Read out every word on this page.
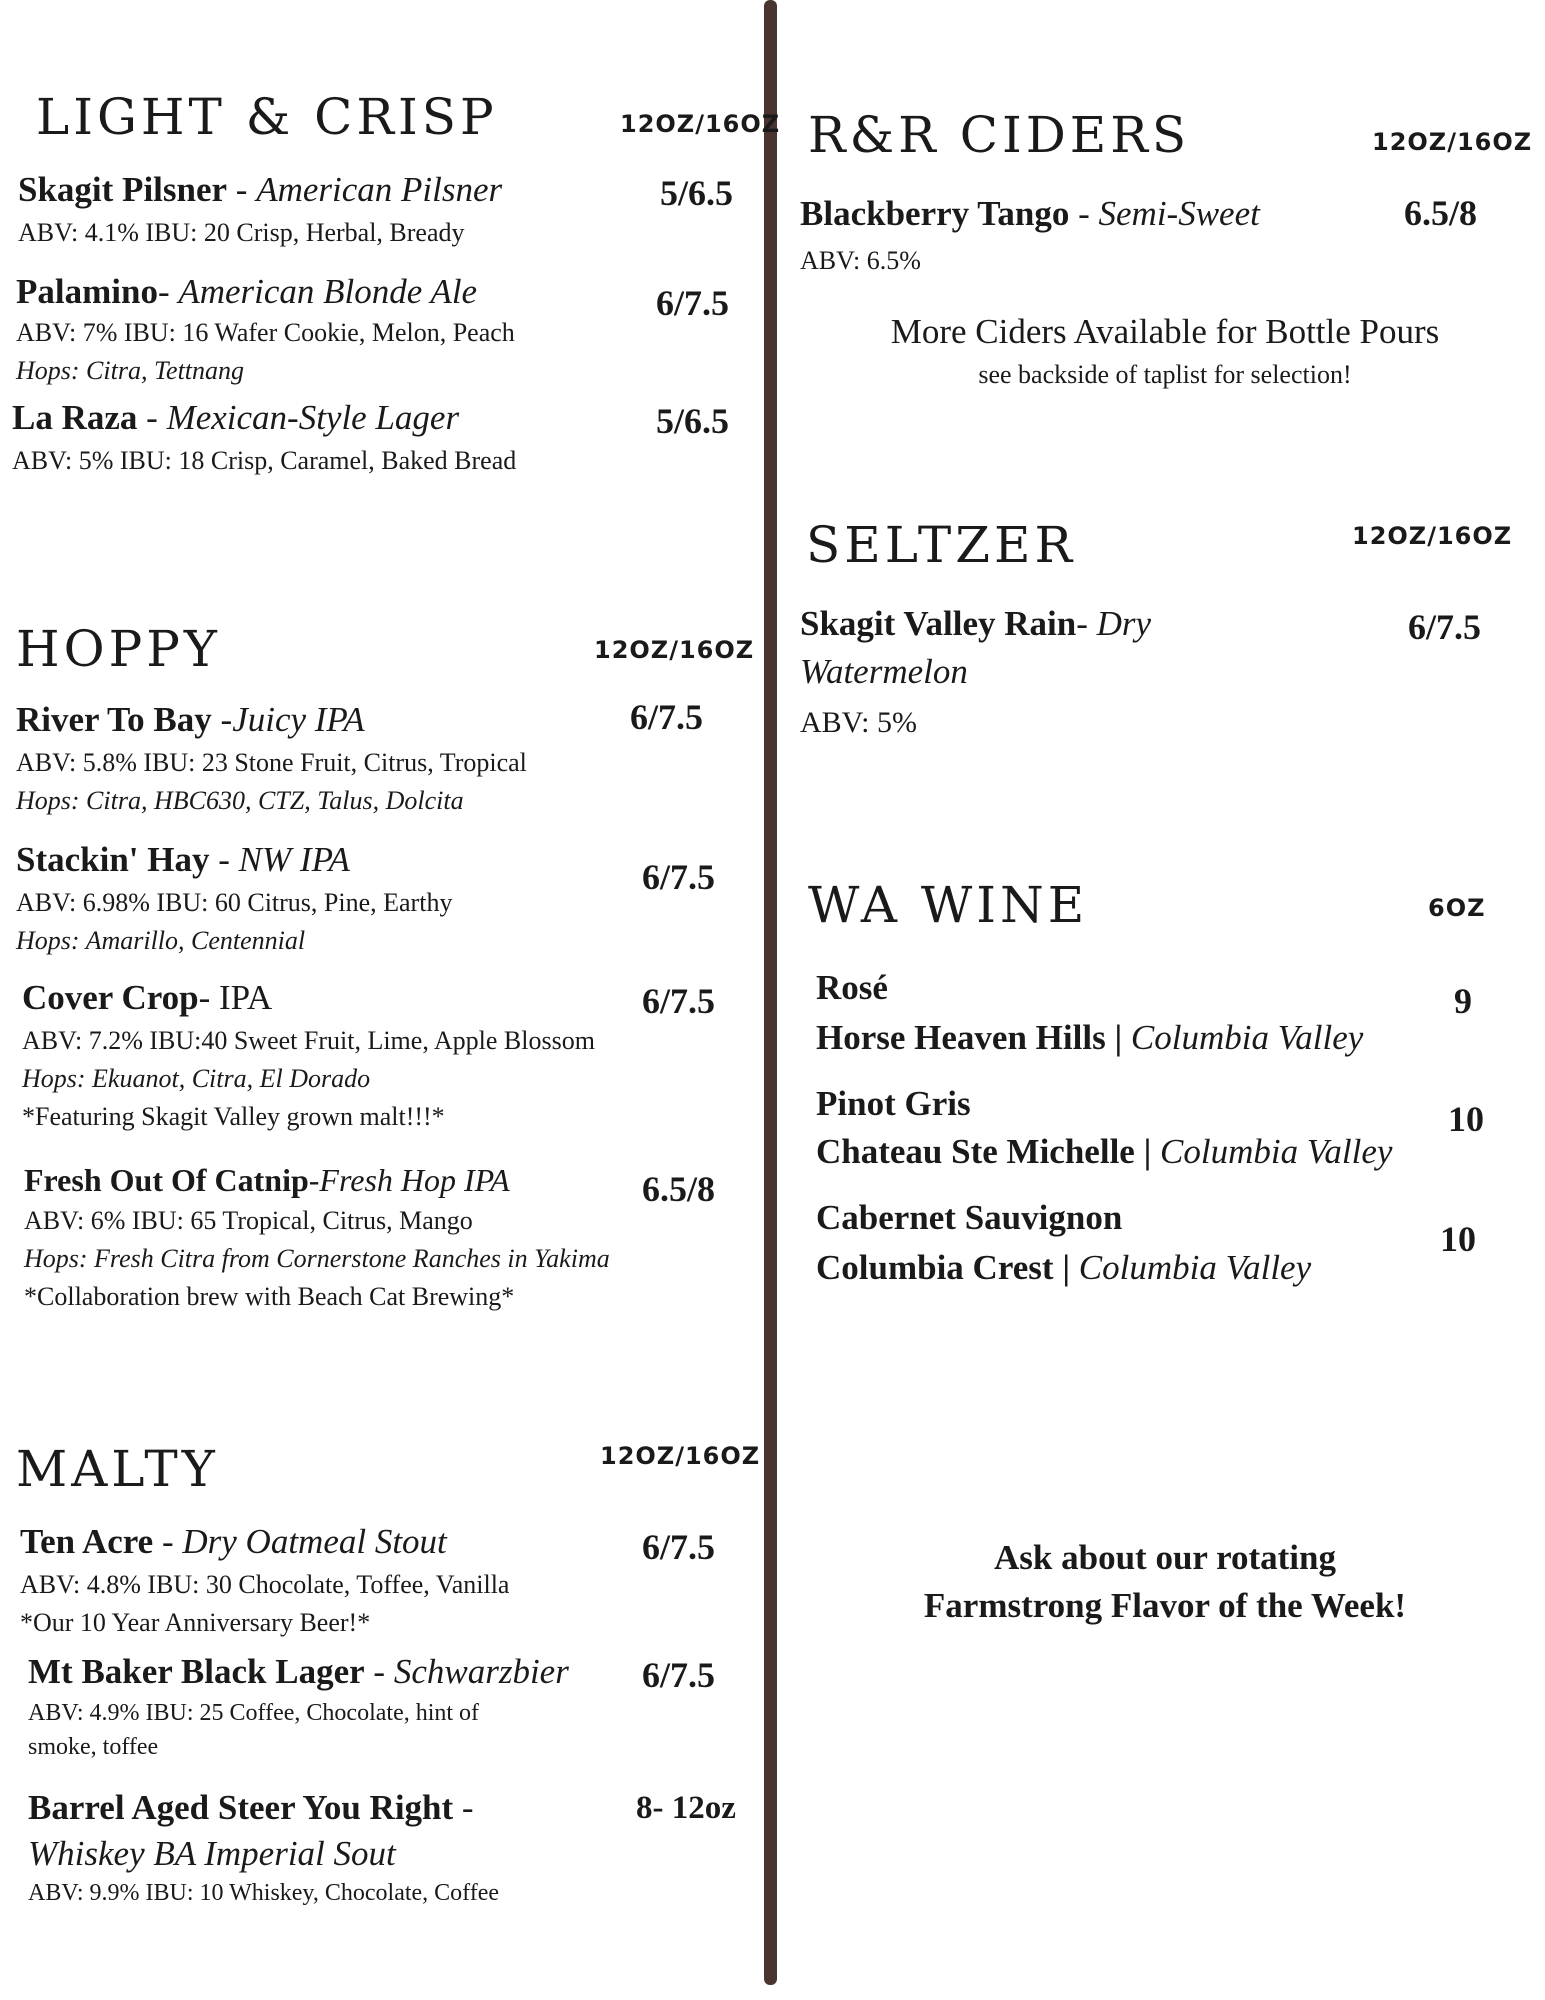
LIGHT & CRISP	12OZ/16OZ
Skagit Pilsner - American Pilsner	5/6.5
ABV: 4.1% IBU: 20 Crisp, Herbal, Bready
Palamino- American Blonde Ale	6/7.5
ABV: 7% IBU: 16 Wafer Cookie, Melon, Peach
Hops: Citra, Tettnang
La Raza - Mexican-Style Lager	5/6.5
ABV: 5% IBU: 18 Crisp, Caramel, Baked Bread
HOPPY	12OZ/16OZ
River To Bay -Juicy IPA	6/7.5
ABV: 5.8% IBU: 23 Stone Fruit, Citrus, Tropical
Hops: Citra, HBC630, CTZ, Talus, Dolcita
Stackin' Hay - NW IPA	6/7.5
ABV: 6.98% IBU: 60 Citrus, Pine, Earthy
Hops: Amarillo, Centennial
Cover Crop- IPA	6/7.5
ABV: 7.2% IBU:40 Sweet Fruit, Lime, Apple Blossom
Hops: Ekuanot, Citra, El Dorado
*Featuring Skagit Valley grown malt!!!*
Fresh Out Of Catnip-Fresh Hop IPA	6.5/8
ABV: 6% IBU: 65 Tropical, Citrus, Mango
Hops: Fresh Citra from Cornerstone Ranches in Yakima
*Collaboration brew with Beach Cat Brewing*
MALTY	12OZ/16OZ
Ten Acre - Dry Oatmeal Stout	6/7.5
ABV: 4.8% IBU: 30 Chocolate, Toffee, Vanilla
*Our 10 Year Anniversary Beer!*
Mt Baker Black Lager - Schwarzbier 6/7.5
ABV: 4.9% IBU: 25 Coffee, Chocolate, hint of
smoke, toffee
Barrel Aged Steer You Right -
Whiskey BA Imperial Sout
8- 12oz
ABV: 9.9% IBU: 10 Whiskey, Chocolate, Coffee
R&R CIDERS	12OZ/16OZ
Blackberry Tango - Semi-Sweet	6.5/8
ABV: 6.5%
More Ciders Available for Bottle Pours
see backside of taplist for selection!
SELTZER	12OZ/16OZ
Skagit Valley Rain- Dry
Watermelon
6/7.5
ABV: 5%
WA WINE	6OZ
Rosé
Horse Heaven Hills | Columbia Valley
9
Pinot Gris
Chateau Ste Michelle | Columbia Valley
10
Cabernet Sauvignon
Columbia Crest | Columbia Valley
10
Ask about our rotating
Farmstrong Flavor of the Week!
